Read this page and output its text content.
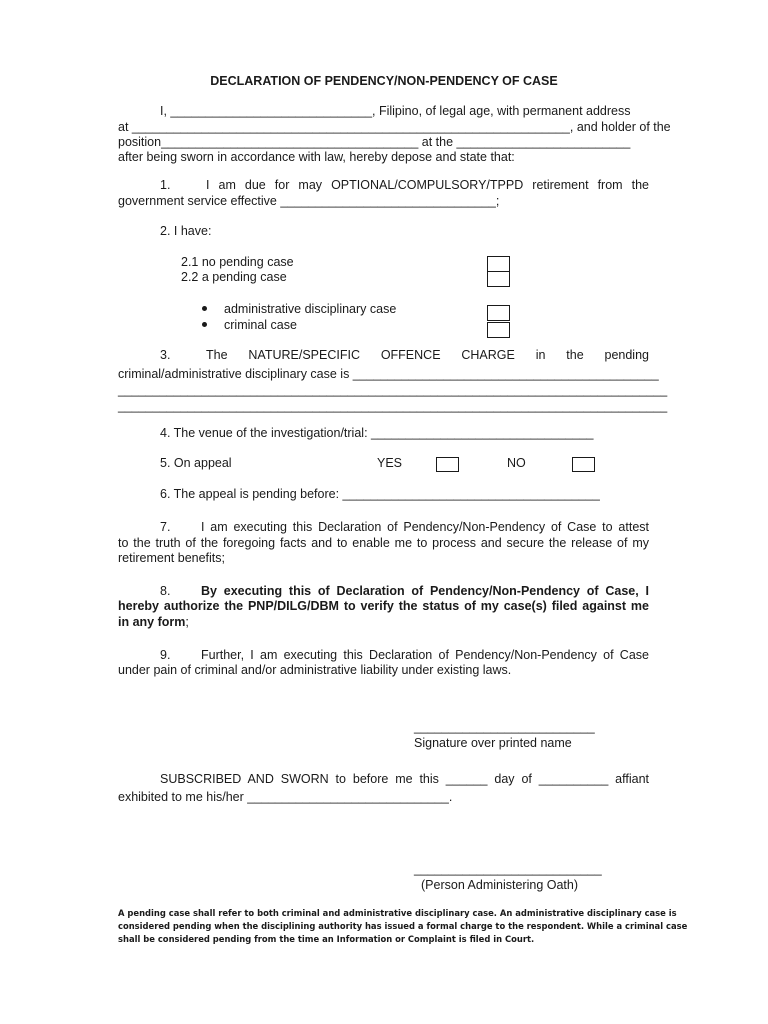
DECLARATION OF PENDENCY/NON-PENDENCY OF CASE
I, _____________________________, Filipino, of legal age, with permanent address
at _______________________________________________________________, and holder of the
position_____________________________________ at the _________________________
after being sworn in accordance with law, hereby depose and state that:
1.	I am due for may OPTIONAL/COMPULSORY/TPPD retirement from the
government service effective _______________________________;
2. I have:
2.1 no pending case
2.2 a pending case
administrative disciplinary case
criminal case
3.	The NATURE/SPECIFIC OFFENCE CHARGE in the pending
criminal/administrative disciplinary case is ____________________________________________
_______________________________________________________________________________
_______________________________________________________________________________
4. The venue of the investigation/trial: ________________________________
5. On appeal	YES	NO
6. The appeal is pending before: _____________________________________
7. I am executing this Declaration of Pendency/Non-Pendency of Case to attest
to the truth of the foregoing facts and to enable me to process and secure the release of my
retirement benefits;
8. By executing this of Declaration of Pendency/Non-Pendency of Case, I
hereby authorize the PNP/DILG/DBM to verify the status of my case(s) filed against me
in any form;
9. Further, I am executing this Declaration of Pendency/Non-Pendency of Case
under pain of criminal and/or administrative liability under existing laws.
__________________________
Signature over printed name
SUBSCRIBED AND SWORN to before me this ______ day of __________ affiant
exhibited to me his/her _____________________________.
___________________________
(Person Administering Oath)
A pending case shall refer to both criminal and administrative disciplinary case. An administrative disciplinary case is
considered pending when the disciplining authority has issued a formal charge to the respondent. While a criminal case
shall be considered pending from the time an Information or Complaint is filed in Court.
